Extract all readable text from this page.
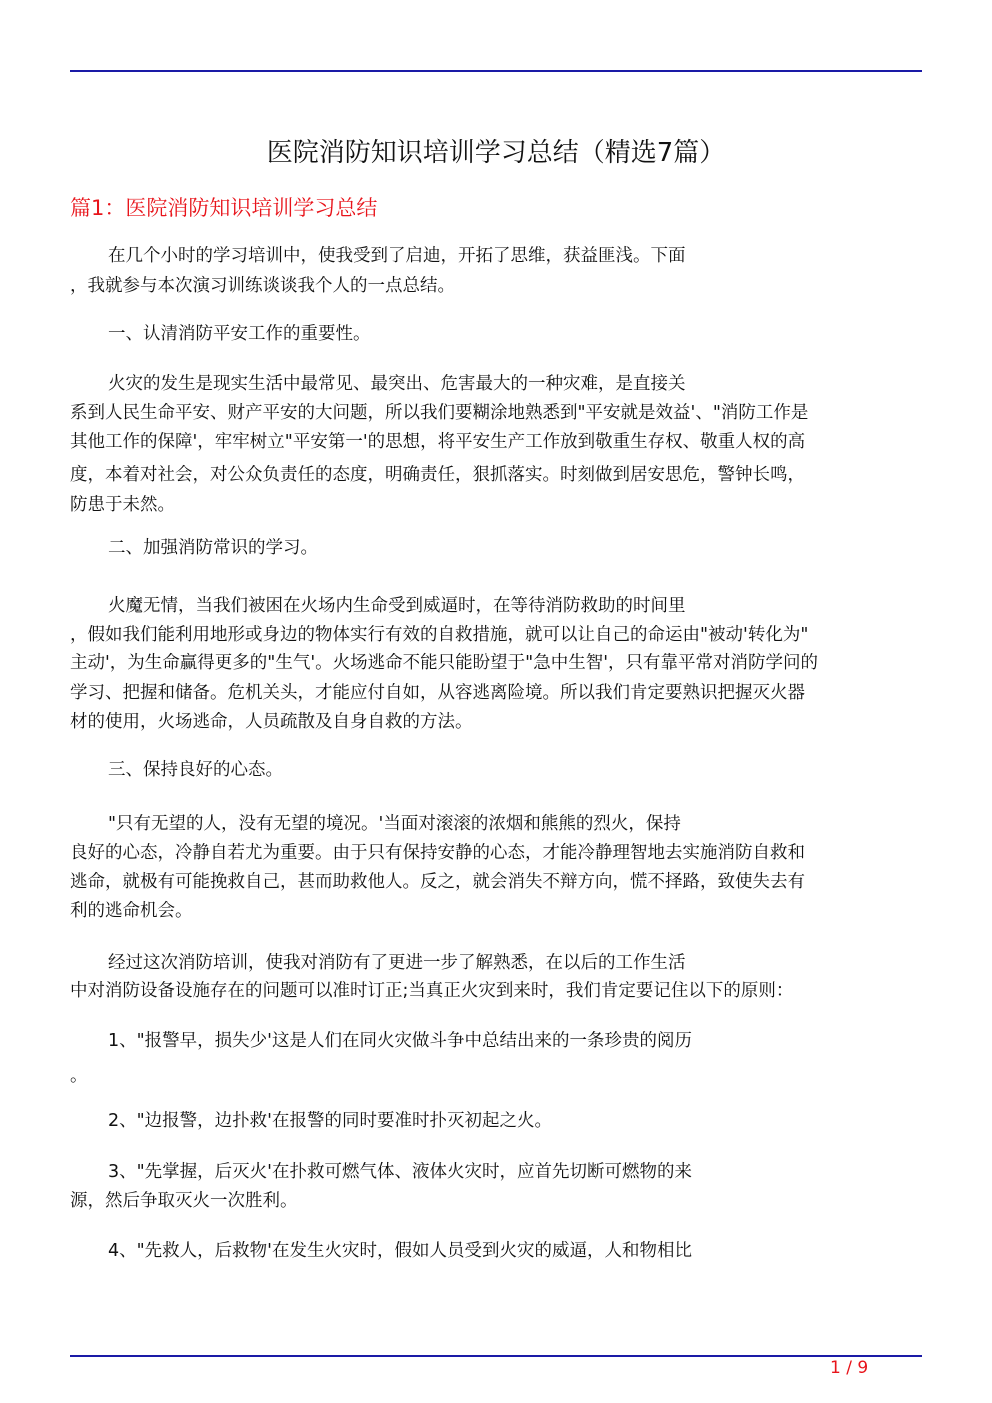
医院消防知识培训学习总结（精选7篇）
篇1：医院消防知识培训学习总结
在几个小时的学习培训中，使我受到了启迪，开拓了思维，获益匪浅。下面
，我就参与本次演习训练谈谈我个人的一点总结。
一、认清消防平安工作的重要性。
火灾的发生是现实生活中最常见、最突出、危害最大的一种灾难，是直接关
系到人民生命平安、财产平安的大问题，所以我们要糊涂地熟悉到"平安就是效益'、"消防工作是
其他工作的保障'，牢牢树立"平安第一'的思想，将平安生产工作放到敬重生存权、敬重人权的高
度，本着对社会，对公众负责任的态度，明确责任，狠抓落实。时刻做到居安思危，警钟长鸣，
防患于未然。
二、加强消防常识的学习。
火魔无情，当我们被困在火场内生命受到威逼时，在等待消防救助的时间里
，假如我们能利用地形或身边的物体实行有效的自救措施，就可以让自己的命运由"被动'转化为"
主动'，为生命赢得更多的"生气'。火场逃命不能只能盼望于"急中生智'，只有靠平常对消防学问的
学习、把握和储备。危机关头，才能应付自如，从容逃离险境。所以我们肯定要熟识把握灭火器
材的使用，火场逃命，人员疏散及自身自救的方法。
三、保持良好的心态。
"只有无望的人，没有无望的境况。'当面对滚滚的浓烟和熊熊的烈火，保持
良好的心态，冷静自若尤为重要。由于只有保持安静的心态，才能冷静理智地去实施消防自救和
逃命，就极有可能挽救自己，甚而助救他人。反之，就会消失不辩方向，慌不择路，致使失去有
利的逃命机会。
经过这次消防培训，使我对消防有了更进一步了解熟悉，在以后的工作生活
中对消防设备设施存在的问题可以准时订正;当真正火灾到来时，我们肯定要记住以下的原则：
1、"报警早，损失少'这是人们在同火灾做斗争中总结出来的一条珍贵的阅历
。
2、"边报警，边扑救'在报警的同时要准时扑灭初起之火。
3、"先掌握，后灭火'在扑救可燃气体、液体火灾时，应首先切断可燃物的来
源，然后争取灭火一次胜利。
4、"先救人，后救物'在发生火灾时，假如人员受到火灾的威逼，人和物相比
1 / 9
